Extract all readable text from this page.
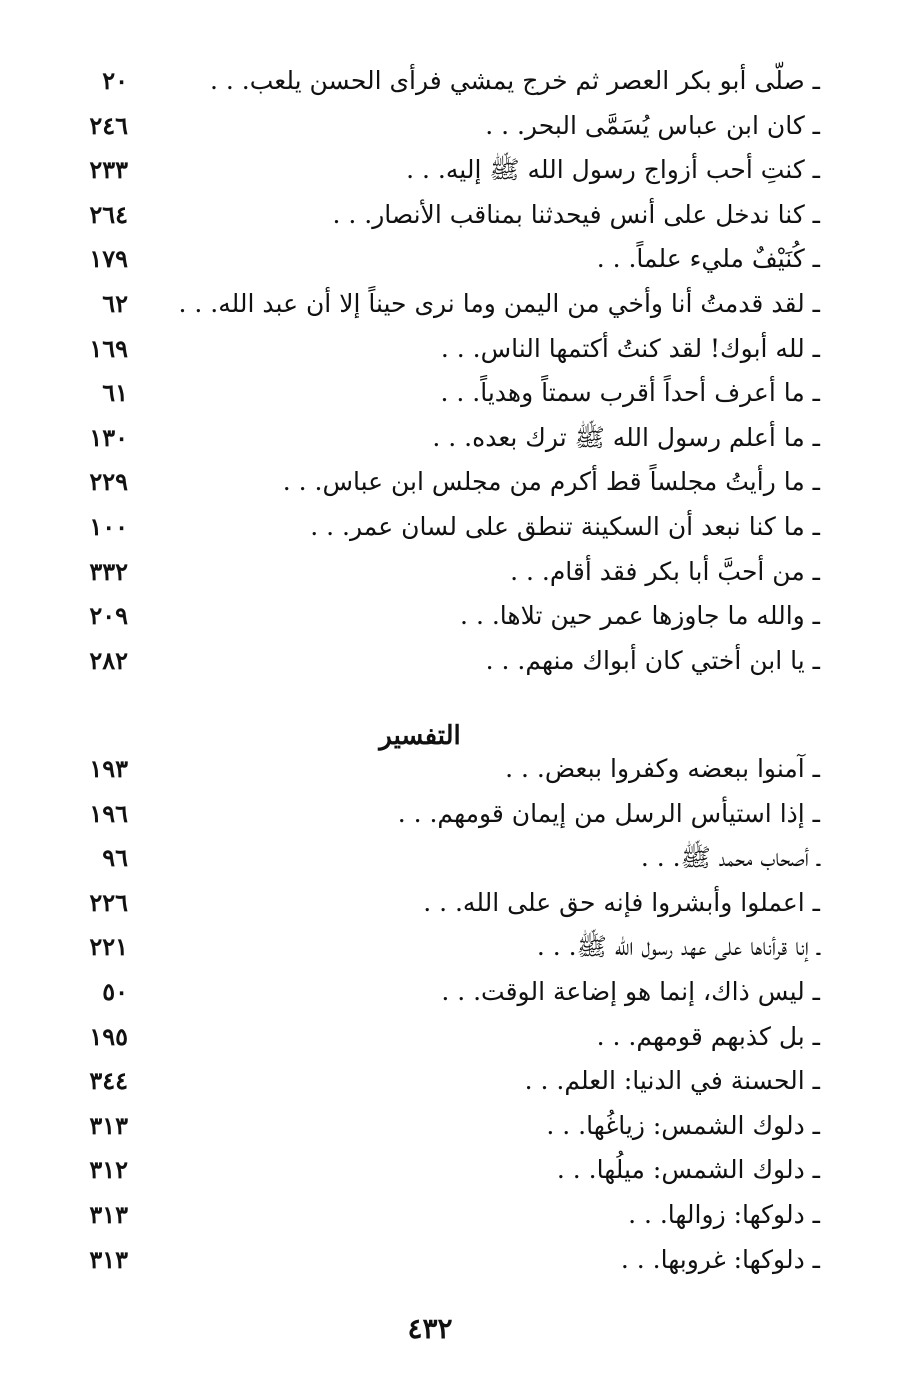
ـ صلّى أبو بكر العصر ثم خرج يمشي فرأى الحسن يلعب. . .
٢٠
ـ كان ابن عباس يُسَمَّى البحر. . .
٢٤٦
ـ كنتِ أحب أزواج رسول الله ﷺ إليه. . .
٢٣٣
ـ كنا ندخل على أنس فيحدثنا بمناقب الأنصار. . .
٢٦٤
ـ كُنَيْفٌ مليء علماً. . .
١٧٩
ـ لقد قدمتُ أنا وأخي من اليمن وما نرى حيناً إلا أن عبد الله. . .
٦٢
ـ لله أبوك! لقد كنتُ أكتمها الناس. . .
١٦٩
ـ ما أعرف أحداً أقرب سمتاً وهدياً. . .
٦١
ـ ما أعلم رسول الله ﷺ ترك بعده. . .
١٣٠
ـ ما رأيتُ مجلساً قط أكرم من مجلس ابن عباس. . .
٢٢٩
ـ ما كنا نبعد أن السكينة تنطق على لسان عمر. . .
١٠٠
ـ من أحبَّ أبا بكر فقد أقام. . .
٣٣٢
ـ والله ما جاوزها عمر حين تلاها. . .
٢٠٩
ـ يا ابن أختي كان أبواك منهم. . .
٢٨٢
التفسير
ـ آمنوا ببعضه وكفروا ببعض. . .
١٩٣
ـ إذا استيأس الرسل من إيمان قومهم. . .
١٩٦
ـ أصحاب محمد ﷺ. . .
٩٦
ـ اعملوا وأبشروا فإنه حق على الله. . .
٢٢٦
ـ إنا قرأناها على عهد رسول الله ﷺ. . .
٢٢١
ـ ليس ذاك، إنما هو إضاعة الوقت. . .
٥٠
ـ بل كذبهم قومهم. . .
١٩٥
ـ الحسنة في الدنيا: العلم. . .
٣٤٤
ـ دلوك الشمس: زياغُها. . .
٣١٣
ـ دلوك الشمس: ميلُها. . .
٣١٢
ـ دلوكها: زوالها. . .
٣١٣
ـ دلوكها: غروبها. . .
٣١٣
٤٣٢
